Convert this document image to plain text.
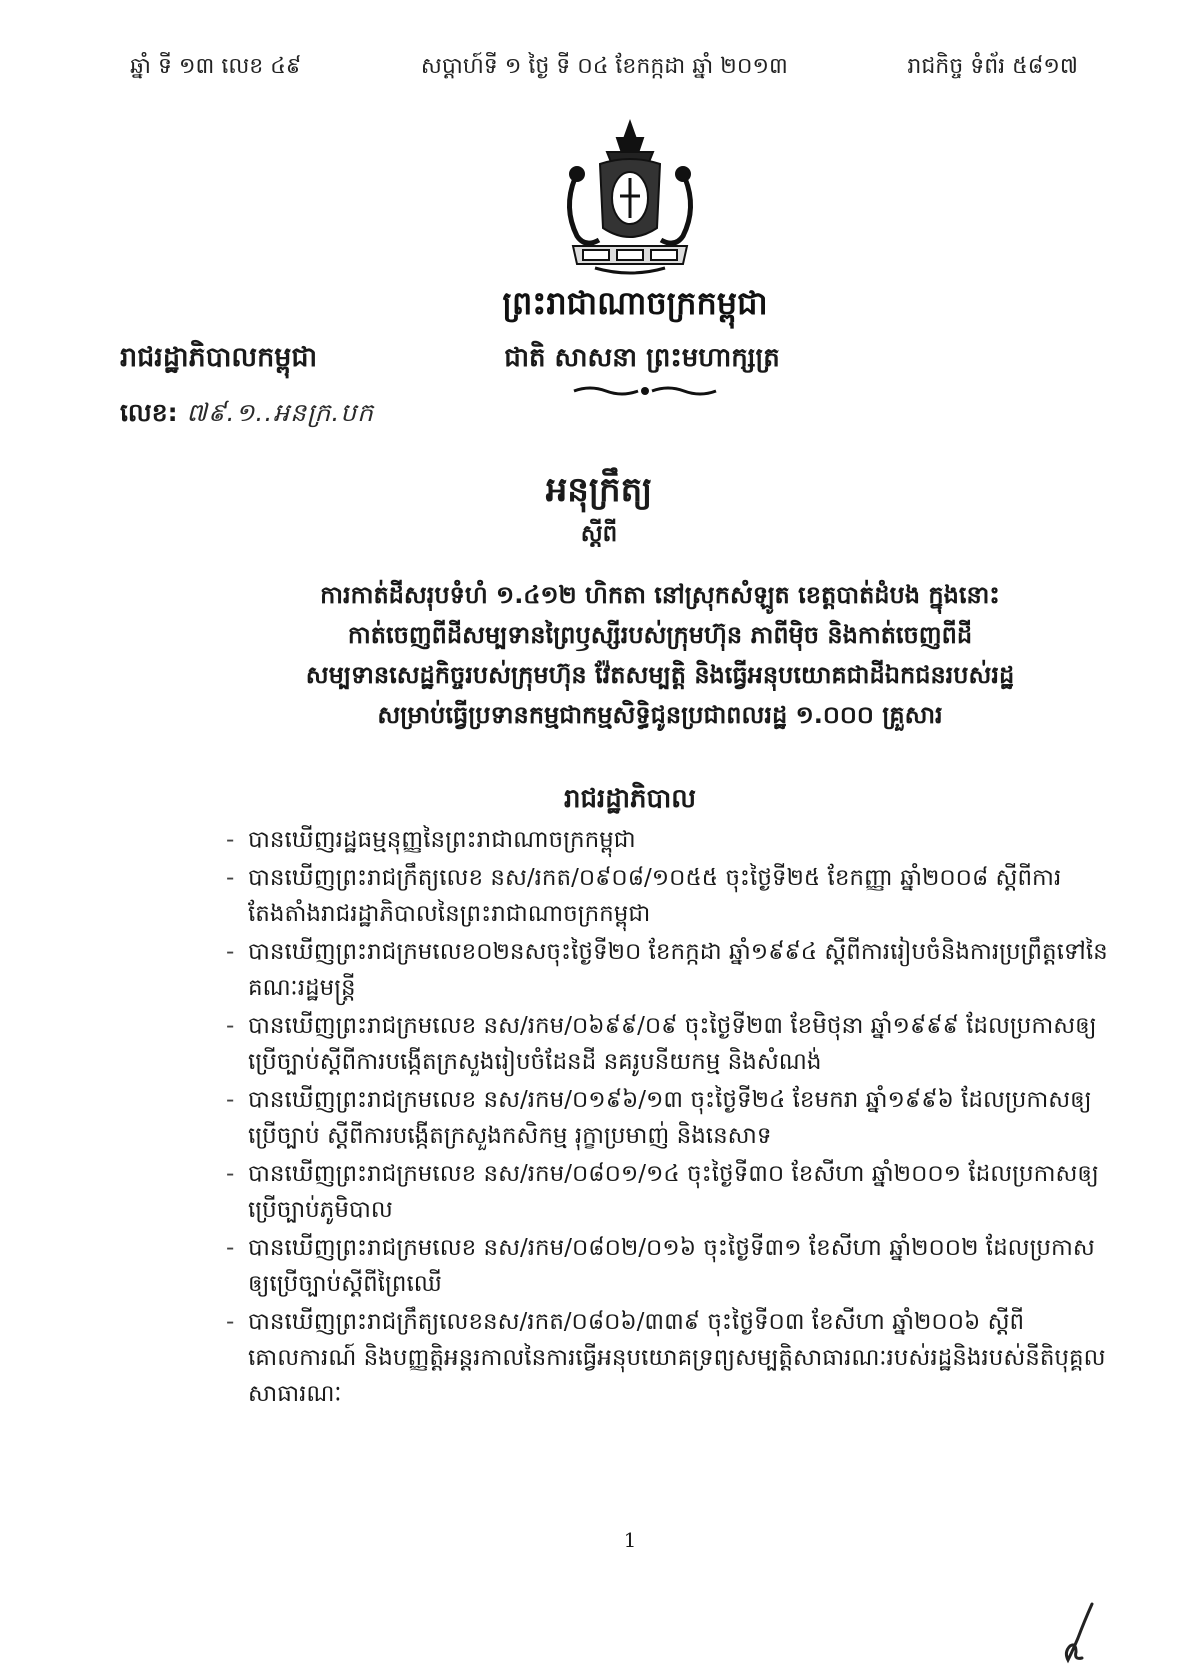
ឆ្នាំ ទី ១៣ លេខ ៤៩	សប្តាហ៍ទី ១ ថ្ងៃ ទី ០៤ ខែកក្កដា ឆ្នាំ ២០១៣	រាជកិច្ច ទំព័រ ៥៨១៧
ព្រះរាជាណាចក្រកម្ពុជា
ជាតិ សាសនា ព្រះមហាក្សត្រ
រាជរដ្ឋាភិបាលកម្ពុជា
លេខ: ៧៩.១..អនក្រ.បក
អនុក្រឹត្យ
ស្តីពី
ការកាត់ដីសរុបទំហំ ១.៤១២ ហិកតា នៅស្រុកសំឡូត ខេត្តបាត់ដំបង ក្នុងនោះ
កាត់ចេញពីដីសម្បទានព្រៃឫស្សីរបស់ក្រុមហ៊ុន ភាពីម៉ិច និងកាត់ចេញពីដី
សម្បទានសេដ្ឋកិច្ចរបស់ក្រុមហ៊ុន វ៉ែតសម្បត្តិ និងធ្វើអនុបយោគជាដីឯកជនរបស់រដ្ឋ
សម្រាប់ធ្វើប្រទានកម្មជាកម្មសិទ្ធិជូនប្រជាពលរដ្ឋ ១.០០០ គ្រួសារ
រាជរដ្ឋាភិបាល
- បានឃើញរដ្ឋធម្មនុញ្ញនៃព្រះរាជាណាចក្រកម្ពុជា
- បានឃើញព្រះរាជក្រឹត្យលេខ នស/រកត/០៩០៨/១០៥៥ ចុះថ្ងៃទី២៥ ខែកញ្ញា ឆ្នាំ២០០៨ ស្តីពីការតែងតាំងរាជរដ្ឋាភិបាលនៃព្រះរាជាណាចក្រកម្ពុជា
- បានឃើញព្រះរាជក្រមលេខ០២នសចុះថ្ងៃទី២០ ខែកក្កដា ឆ្នាំ១៩៩៤ ស្តីពីការរៀបចំនិងការប្រព្រឹត្តទៅនៃគណៈរដ្ឋមន្ត្រី
- បានឃើញព្រះរាជក្រមលេខ នស/រកម/០៦៩៩/០៩ ចុះថ្ងៃទី២៣ ខែមិថុនា ឆ្នាំ១៩៩៩ ដែលប្រកាសឲ្យប្រើច្បាប់ស្តីពីការបង្កើតក្រសួងរៀបចំដែនដី នគរូបនីយកម្ម និងសំណង់
- បានឃើញព្រះរាជក្រមលេខ នស/រកម/០១៩៦/១៣ ចុះថ្ងៃទី២៤ ខែមករា ឆ្នាំ១៩៩៦ ដែលប្រកាសឲ្យប្រើច្បាប់ ស្តីពីការបង្កើតក្រសួងកសិកម្ម រុក្ខាប្រមាញ់ និងនេសាទ
- បានឃើញព្រះរាជក្រមលេខ នស/រកម/០៨០១/១៤ ចុះថ្ងៃទី៣០ ខែសីហា ឆ្នាំ២០០១ ដែលប្រកាសឲ្យប្រើច្បាប់ភូមិបាល
- បានឃើញព្រះរាជក្រមលេខ នស/រកម/០៨០២/០១៦ ចុះថ្ងៃទី៣១ ខែសីហា ឆ្នាំ២០០២ ដែលប្រកាសឲ្យប្រើច្បាប់ស្តីពីព្រៃឈើ
- បានឃើញព្រះរាជក្រឹត្យលេខនស/រកត/០៨០៦/៣៣៩ ចុះថ្ងៃទី០៣ ខែសីហា ឆ្នាំ២០០៦ ស្តីពីគោលការណ៍ និងបញ្ញត្តិអន្តរកាលនៃការធ្វើអនុបយោគទ្រព្យសម្បត្តិសាធារណៈរបស់រដ្ឋនិងរបស់នីតិបុគ្គលសាធារណៈ
1
